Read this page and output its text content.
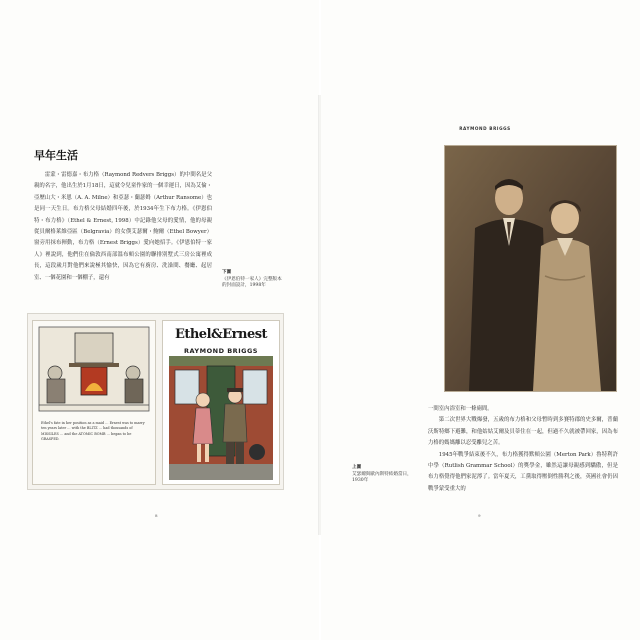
早年生活

雷蒙・雷德嘉・布力格（Raymond Redvers Briggs）的中間名是父親的名字，他出生於1月18日，這就令兒童作家的一個幸運日，因為艾倫・亞歷山大・米恩（A. A. Milne）和亞瑟・蘭瑟姆（Arthur Ransome）也是同一天生日。布力格父母結婚四年後，於1934年生下布力格。《伊恩伯特・布力格》（Ethel & Ernest, 1998）中記錄他父母的愛情，他的母親從貝爾格萊維亞區（Belgravia）的女僕艾瑟爾・鮑爾（Ethel Bowyer）窗旁用抹布揮動，布力格（Ernest Briggs）愛向她招手。《伊恩伯特一家人》裡說到，他們住在倫敦西南部溫布頓公園的聯排別墅式三房公寓裡成長，這段歲月對他們來說極其愉快，因為它有廚房、洗澡間、餐廳、起居室、一個花園和一個棚子，還有

下圖
《伊恩伯特一家人》完整版本的封面設計，1998年

Ethel's fate in her position as a maid … Ernest was to marry ten years later … with the BLITZ … had thousands of MISSILES … and the ATOMIC BOMB … began to be GRASPED.

Ethel&Ernest
RAYMOND BRIGGS
8
RAYMOND BRIGGS
上圖
艾瑟爾與歐內斯特結婚當日，1930年

一間室內浴室和一條廁間。

第二次世界大戰爆發，五歲的布力格和父母暫時到多賽特郡的史多爾，普蘭沃斯特鄉下避難，和他姑姑艾爾及貝蒂住在一起，但過不久就被帶回家，因為布力格的媽媽離以忍受離兒之苦。

1945年戰爭結束後不久，布力格獲得默頓公園（Merton Park）魯特利許中學（Rutlish Grammar School）的獎學金，雖然這讓母親感到驕傲，但是布力格覺得他們家泥濘了。當年夏天，工黨取得壓倒性勝利之後，英國社會仍因戰爭蒙受重大的

9
